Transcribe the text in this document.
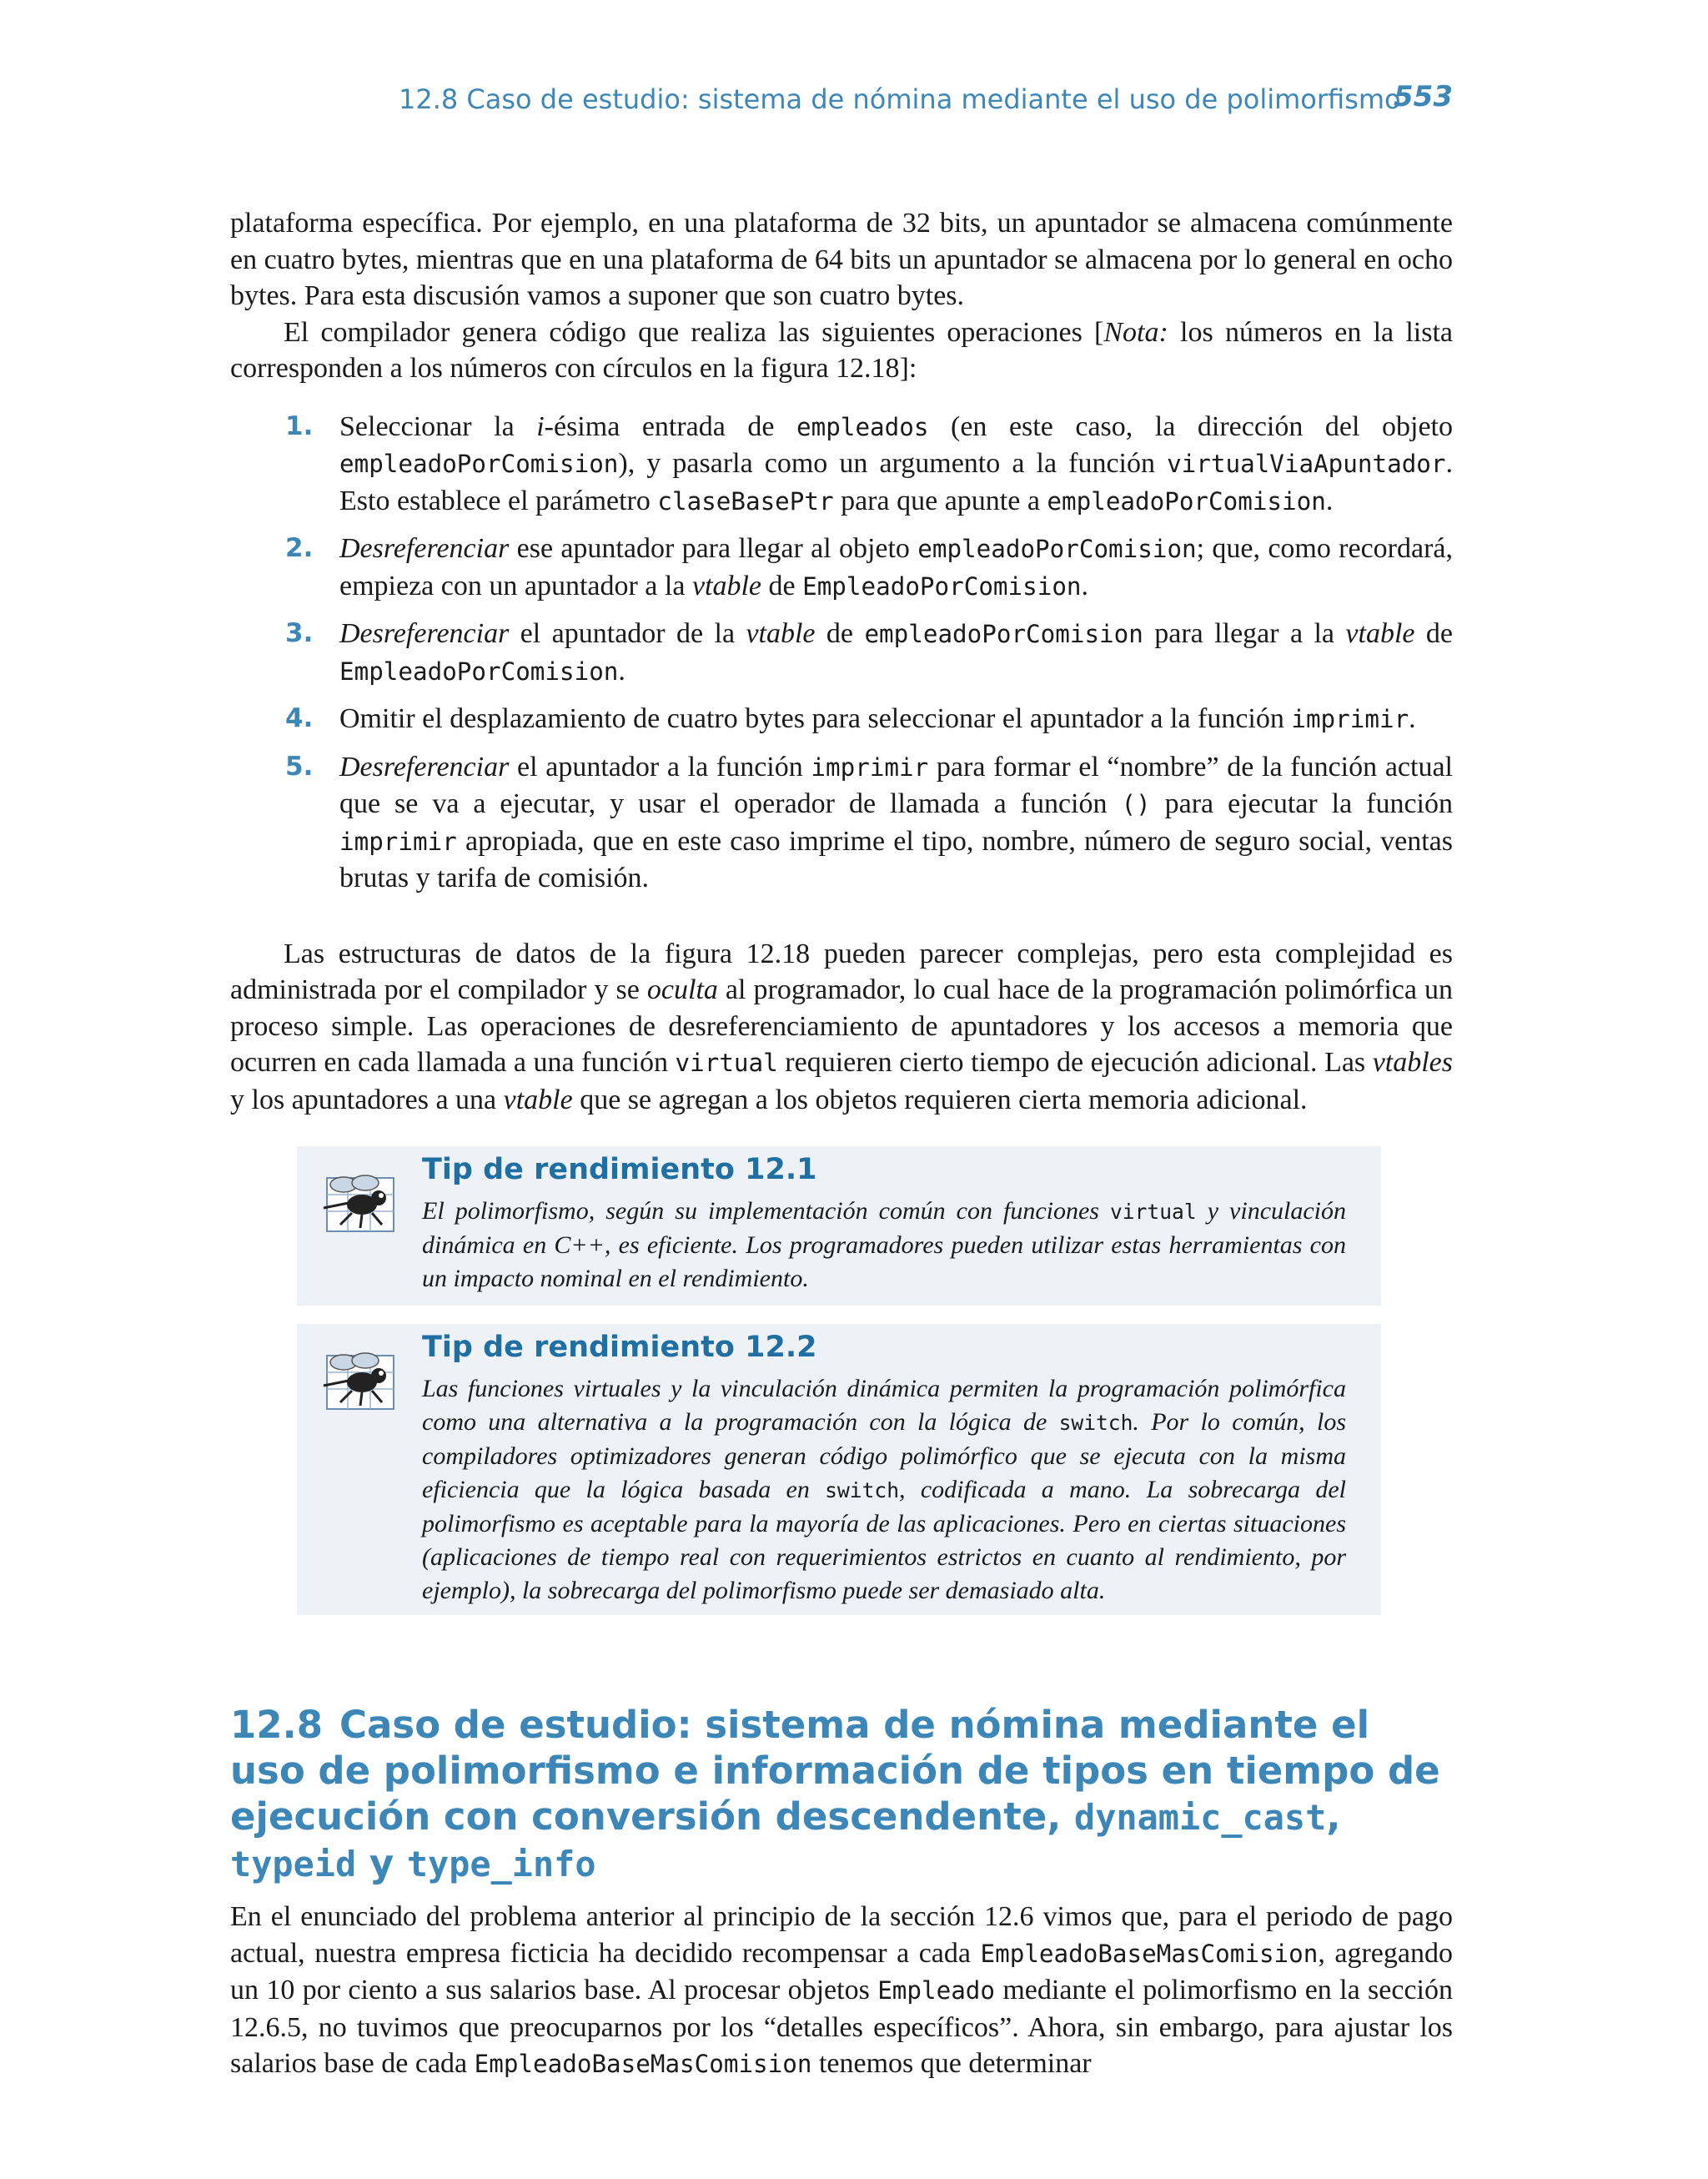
12.8 Caso de estudio: sistema de nómina mediante el uso de polimorfismo
553

plataforma específica. Por ejemplo, en una plataforma de 32 bits, un apuntador se almacena comúnmente en cuatro bytes, mientras que en una plataforma de 64 bits un apuntador se almacena por lo general en ocho bytes. Para esta discusión vamos a suponer que son cuatro bytes.

El compilador genera código que realiza las siguientes operaciones [Nota: los números en la lista corresponden a los números con círculos en la figura 12.18]:

1. Seleccionar la i-ésima entrada de empleados (en este caso, la dirección del objeto empleadoPorComision), y pasarla como un argumento a la función virtualViaApuntador. Esto establece el parámetro claseBasePtr para que apunte a empleadoPorComision.
2. Desreferenciar ese apuntador para llegar al objeto empleadoPorComision; que, como recordará, empieza con un apuntador a la vtable de EmpleadoPorComision.
3. Desreferenciar el apuntador de la vtable de empleadoPorComision para llegar a la vtable de EmpleadoPorComision.
4. Omitir el desplazamiento de cuatro bytes para seleccionar el apuntador a la función imprimir.
5. Desreferenciar el apuntador a la función imprimir para formar el “nombre” de la función actual que se va a ejecutar, y usar el operador de llamada a función () para ejecutar la función imprimir apropiada, que en este caso imprime el tipo, nombre, número de seguro social, ventas brutas y tarifa de comisión.

Las estructuras de datos de la figura 12.18 pueden parecer complejas, pero esta complejidad es administrada por el compilador y se oculta al programador, lo cual hace de la programación polimórfica un proceso simple. Las operaciones de desreferenciamiento de apuntadores y los accesos a memoria que ocurren en cada llamada a una función virtual requieren cierto tiempo de ejecución adicional. Las vtables y los apuntadores a una vtable que se agregan a los objetos requieren cierta memoria adicional.

Tip de rendimiento 12.1
El polimorfismo, según su implementación común con funciones virtual y vinculación dinámica en C++, es eficiente. Los programadores pueden utilizar estas herramientas con un impacto nominal en el rendimiento.
Tip de rendimiento 12.2
Las funciones virtuales y la vinculación dinámica permiten la programación polimórfica como una alternativa a la programación con la lógica de switch. Por lo común, los compiladores optimizadores generan código polimórfico que se ejecuta con la misma eficiencia que la lógica basada en switch, codificada a mano. La sobrecarga del polimorfismo es aceptable para la mayoría de las aplicaciones. Pero en ciertas situaciones (aplicaciones de tiempo real con requerimientos estrictos en cuanto al rendimiento, por ejemplo), la sobrecarga del polimorfismo puede ser demasiado alta.
12.8 Caso de estudio: sistema de nómina mediante el uso de polimorfismo e información de tipos en tiempo de ejecución con conversión descendente, dynamic_cast, typeid y type_info

En el enunciado del problema anterior al principio de la sección 12.6 vimos que, para el periodo de pago actual, nuestra empresa ficticia ha decidido recompensar a cada EmpleadoBaseMasComision, agregando un 10 por ciento a sus salarios base. Al procesar objetos Empleado mediante el polimorfismo en la sección 12.6.5, no tuvimos que preocuparnos por los “detalles específicos”. Ahora, sin embargo, para ajustar los salarios base de cada EmpleadoBaseMasComision tenemos que determinar
